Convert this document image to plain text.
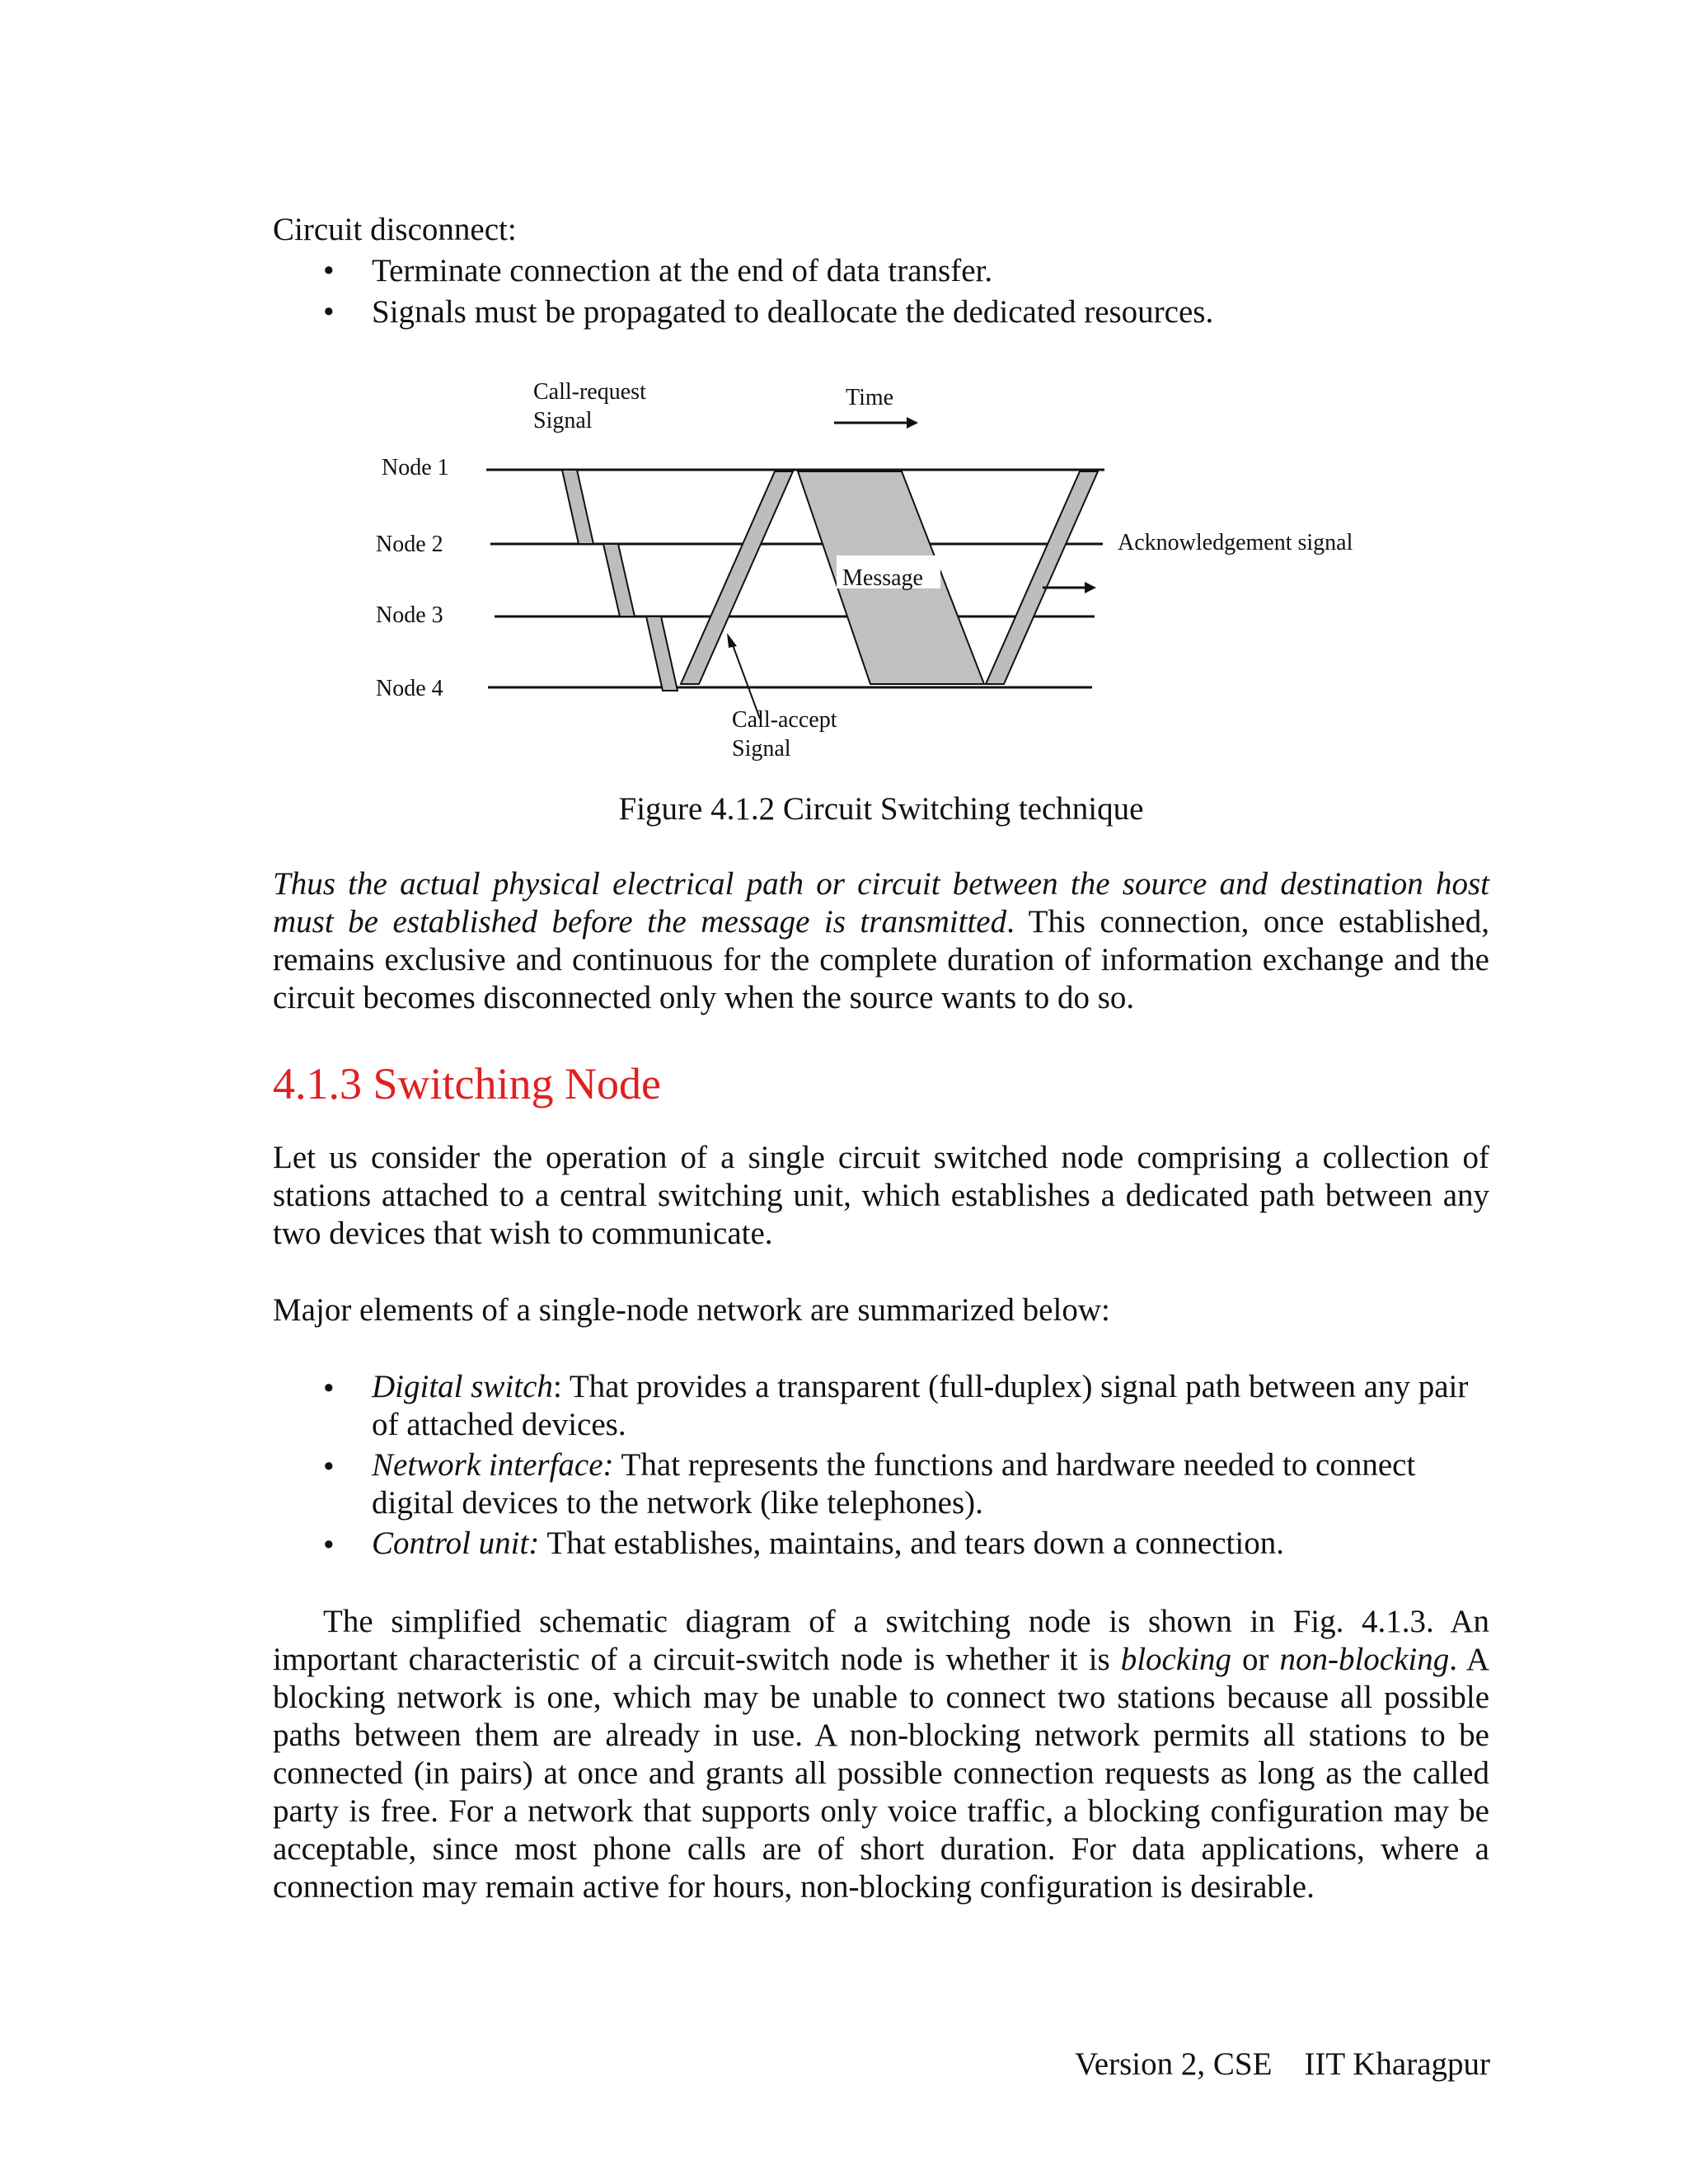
Circuit disconnect:
• Terminate connection at the end of data transfer.
• Signals must be propagated to deallocate the dedicated resources.
Call-request
Signal
Time
Node 1
Node 2
Node 3
Node 4
Acknowledgement signal
Message
Call-accept
Signal
Figure 4.1.2 Circuit Switching technique

Thus the actual physical electrical path or circuit between the source and destination host must be established before the message is transmitted. This connection, once established, remains exclusive and continuous for the complete duration of information exchange and the circuit becomes disconnected only when the source wants to do so.

4.1.3 Switching Node

Let us consider the operation of a single circuit switched node comprising a collection of stations attached to a central switching unit, which establishes a dedicated path between any two devices that wish to communicate.

Major elements of a single-node network are summarized below:

• Digital switch: That provides a transparent (full-duplex) signal path between any pair of attached devices.
• Network interface: That represents the functions and hardware needed to connect digital devices to the network (like telephones).
• Control unit: That establishes, maintains, and tears down a connection.

The simplified schematic diagram of a switching node is shown in Fig. 4.1.3. An important characteristic of a circuit-switch node is whether it is blocking or non-blocking. A blocking network is one, which may be unable to connect two stations because all possible paths between them are already in use. A non-blocking network permits all stations to be connected (in pairs) at once and grants all possible connection requests as long as the called party is free. For a network that supports only voice traffic, a blocking configuration may be acceptable, since most phone calls are of short duration. For data applications, where a connection may remain active for hours, non-blocking configuration is desirable.

Version 2, CSE    IIT Kharagpur
